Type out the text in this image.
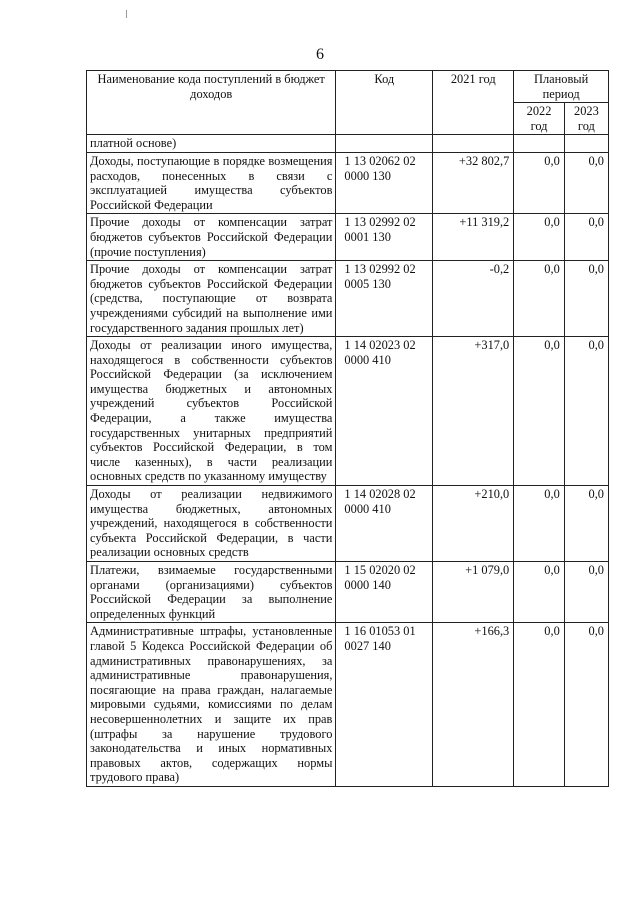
6
Наименование кода поступлений в бюджет доходов	Код	2021 год	Плановый период	
			2022 год	2023 год
платной основе)				
Доходы, поступающие в порядке возмещения расходов, понесенных в связи с эксплуатацией имущества субъектов Российской Федерации	1 13 02062 02 0000 130	+32 802,7	0,0	0,0
Прочие доходы от компенсации затрат бюджетов субъектов Российской Федерации (прочие поступления)	1 13 02992 02 0001 130	+11 319,2	0,0	0,0
Прочие доходы от компенсации затрат бюджетов субъектов Российской Федерации (средства, поступающие от возврата учреждениями субсидий на выполнение ими государственного задания прошлых лет)	1 13 02992 02 0005 130	-0,2	0,0	0,0
Доходы от реализации иного имущества, находящегося в собственности субъектов Российской Федерации (за исключением имущества бюджетных и автономных учреждений субъектов Российской Федерации, а также имущества государственных унитарных предприятий субъектов Российской Федерации, в том числе казенных), в части реализации основных средств по указанному имуществу	1 14 02023 02 0000 410	+317,0	0,0	0,0
Доходы от реализации недвижимого имущества бюджетных, автономных учреждений, находящегося в собственности субъекта Российской Федерации, в части реализации основных средств	1 14 02028 02 0000 410	+210,0	0,0	0,0
Платежи, взимаемые государственными органами (организациями) субъектов Российской Федерации за выполнение определенных функций	1 15 02020 02 0000 140	+1 079,0	0,0	0,0
Административные штрафы, установленные главой 5 Кодекса Российской Федерации об административных правонарушениях, за административные правонарушения, посягающие на права граждан, налагаемые мировыми судьями, комиссиями по делам несовершеннолетних и защите их прав (штрафы за нарушение трудового законодательства и иных нормативных правовых актов, содержащих нормы трудового права)	1 16 01053 01 0027 140	+166,3	0,0	0,0
